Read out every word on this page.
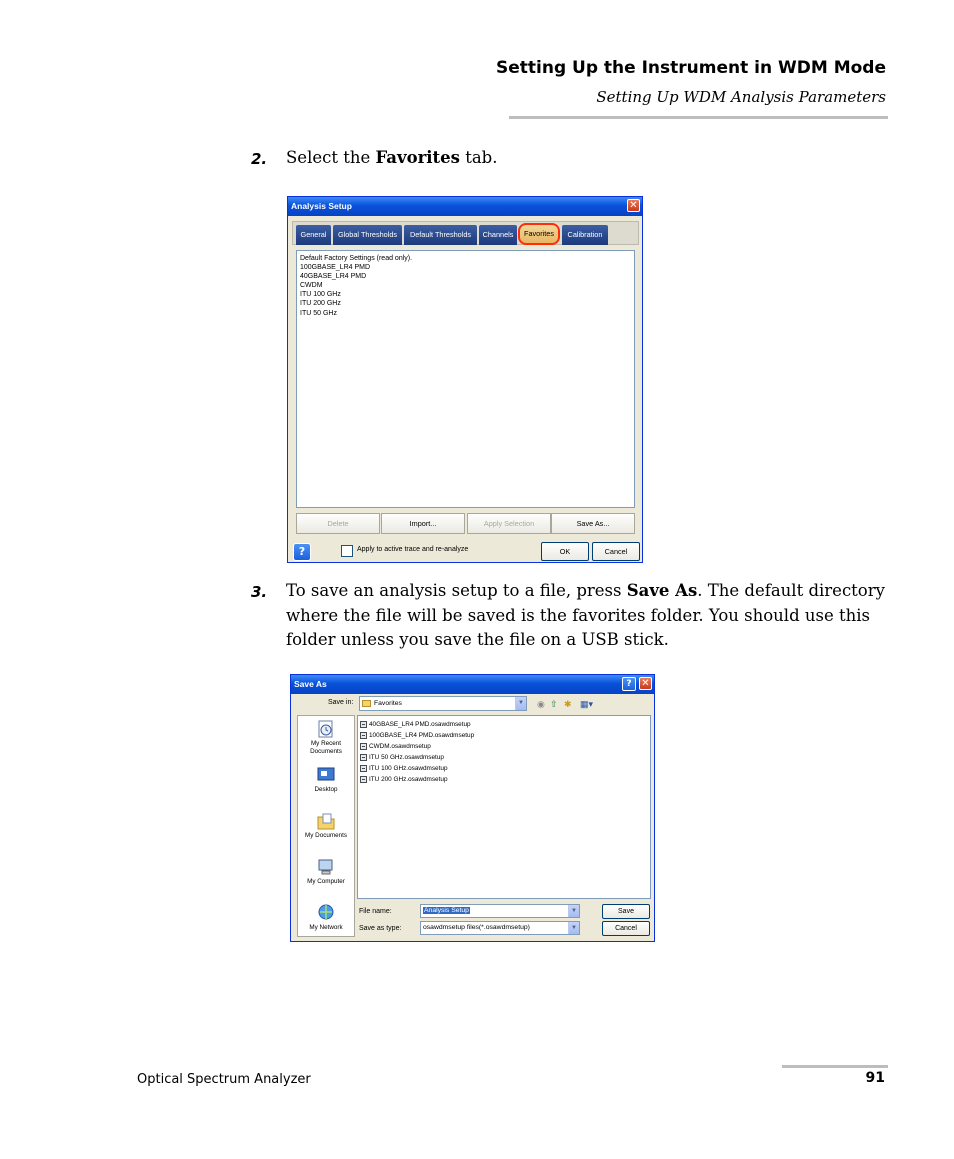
Setting Up the Instrument in WDM Mode
Setting Up WDM Analysis Parameters
2. Select the Favorites tab.
Analysis Setup	✕
General	Global Thresholds	Default Thresholds	Channels	Favorites	Calibration
Default Factory Settings (read only).
100GBASE_LR4 PMD
40GBASE_LR4 PMD
CWDM
ITU 100 GHz
ITU 200 GHz
ITU 50 GHz
Delete	Import...	Apply Selection	Save As...
?	Apply to active trace and re-analyze	OK	Cancel
3. To save an analysis setup to a file, press Save As. The default directory where the file will be saved is the favorites folder. You should use this folder unless you save the file on a USB stick.
Save As	? ✕
Save in:	Favorites	▼ ◉ ⇧ ✱ ▦▾
My Recent Documents
Desktop
My Documents
My Computer
My Network
40GBASE_LR4 PMD.osawdmsetup
100GBASE_LR4 PMD.osawdmsetup
CWDM.osawdmsetup
ITU 50 GHz.osawdmsetup
ITU 100 GHz.osawdmsetup
ITU 200 GHz.osawdmsetup
File name:	Analysis Setup	▼
Save as type:	osawdmsetup files(*.osawdmsetup)	▼
Save
Cancel
Optical Spectrum Analyzer	91
